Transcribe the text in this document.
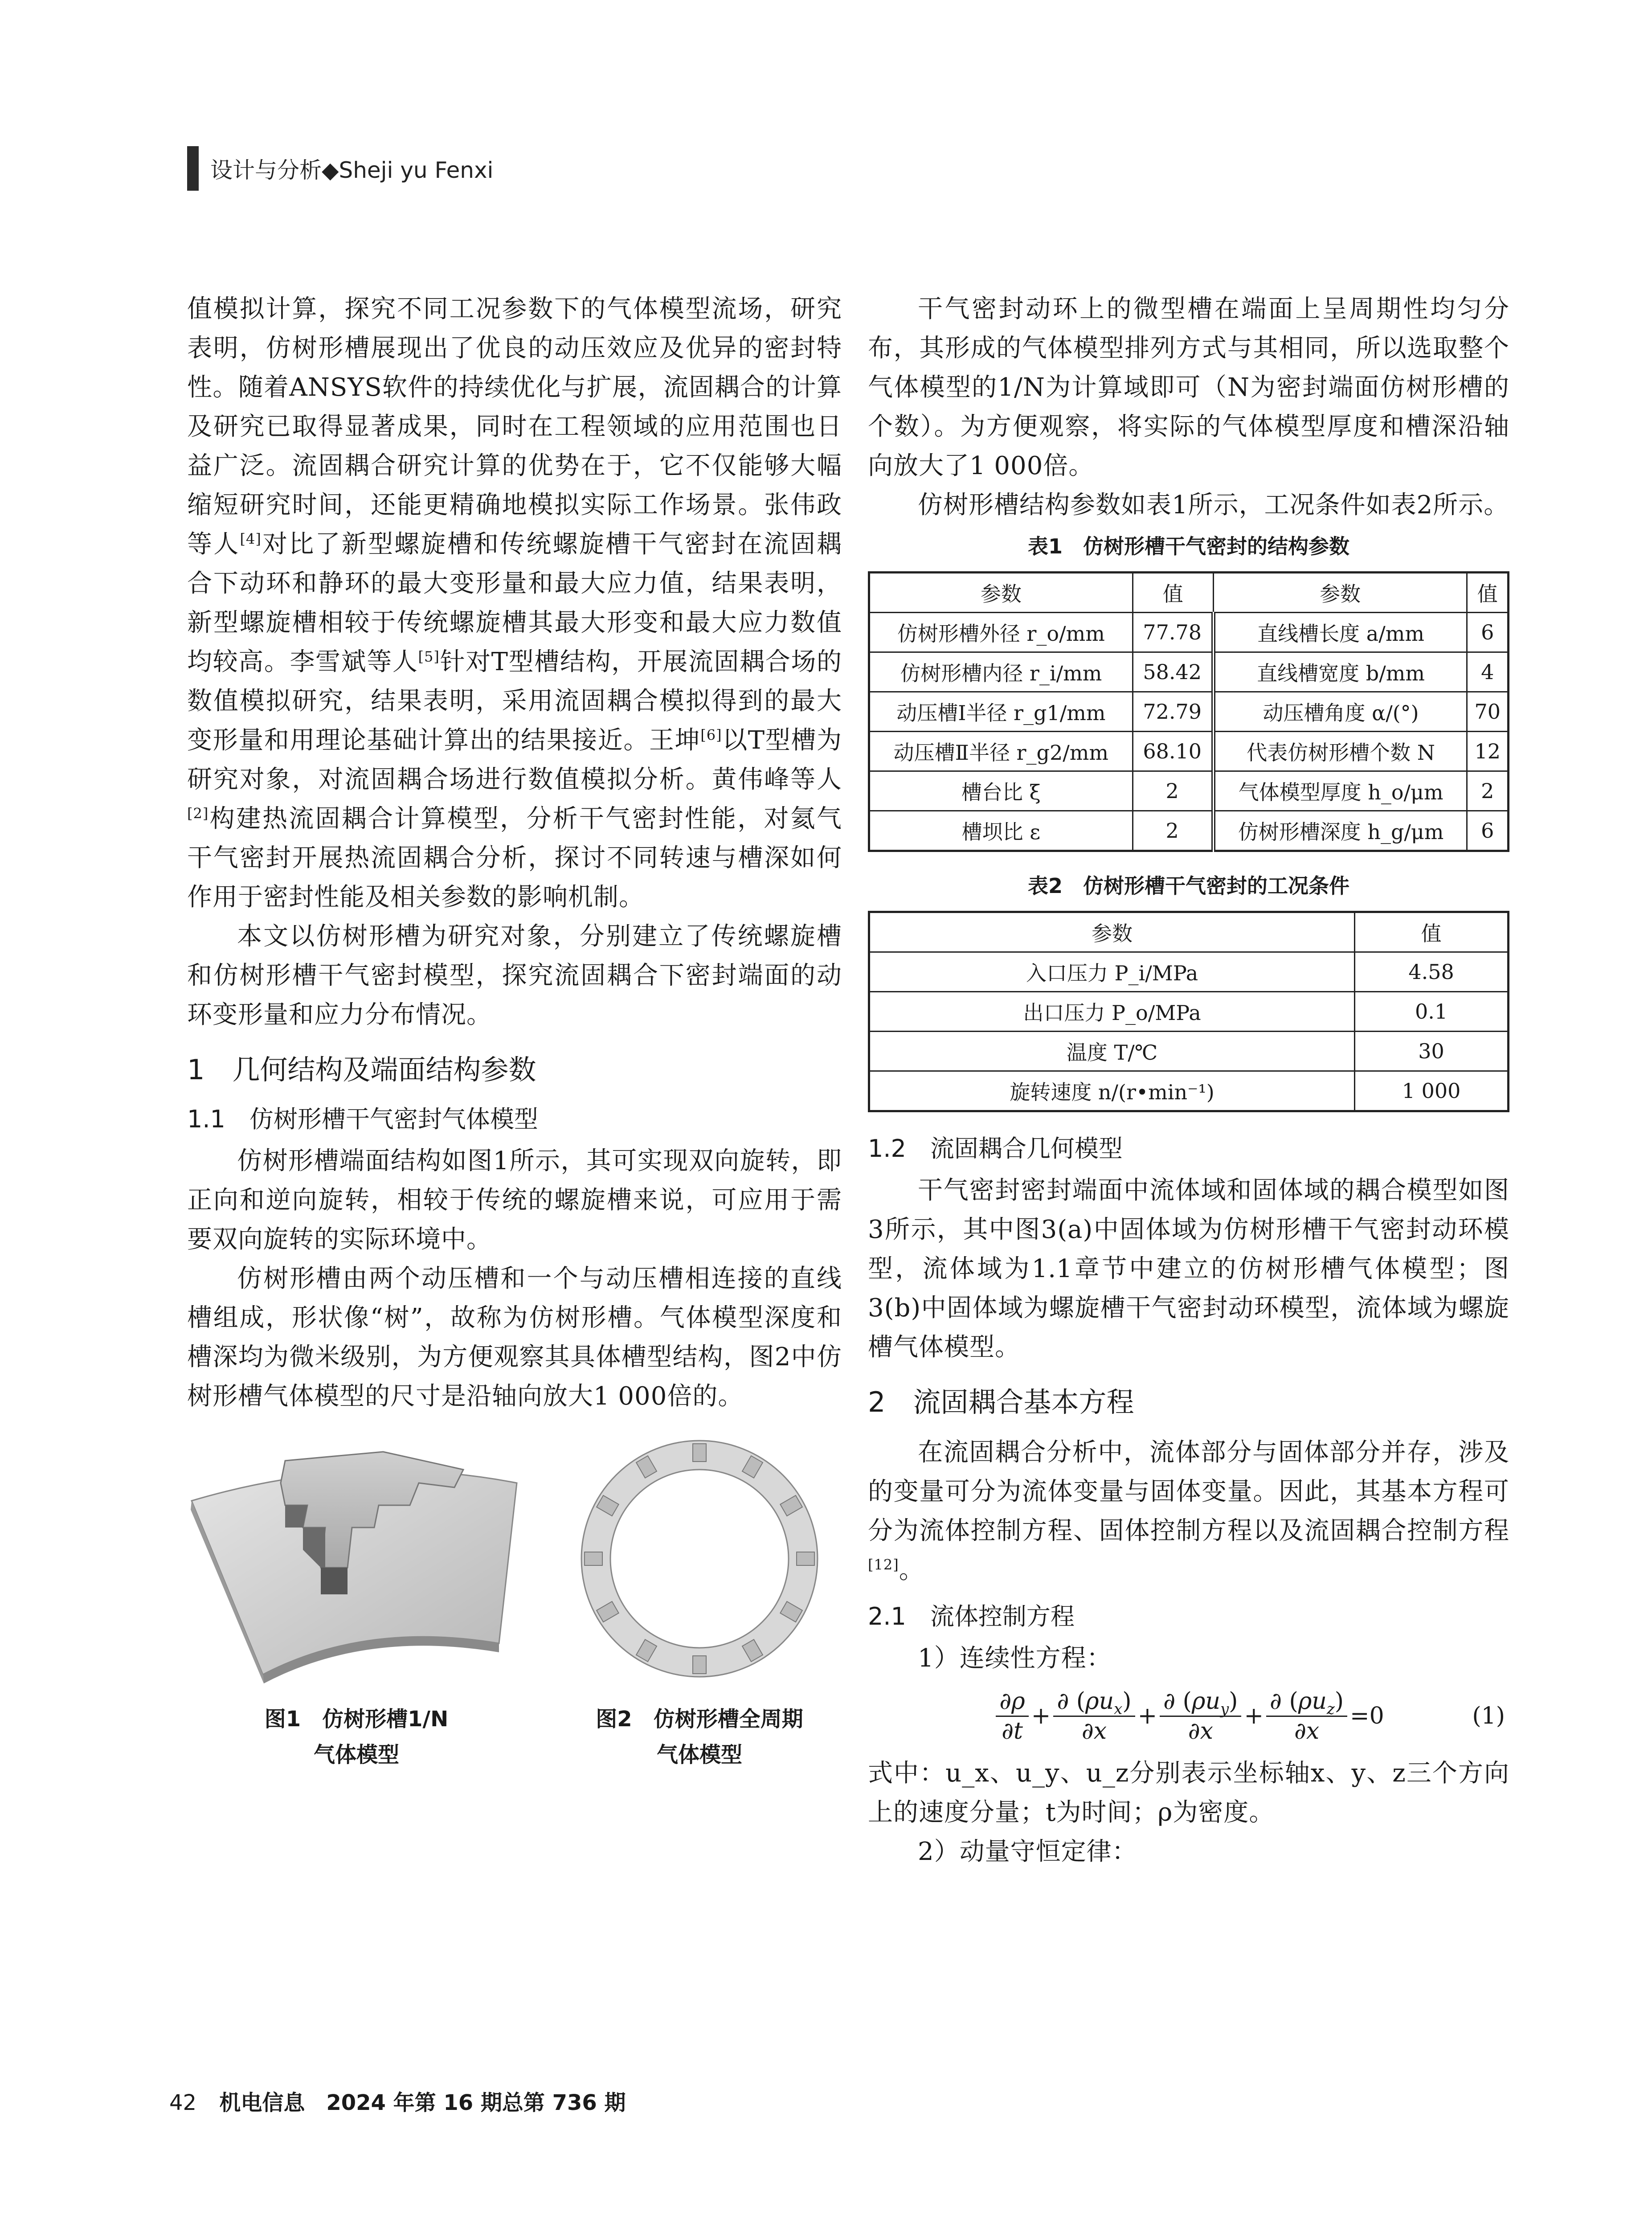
设计与分析◆Sheji yu Fenxi

值模拟计算，探究不同工况参数下的气体模型流场，研究表明，仿树形槽展现出了优良的动压效应及优异的密封特性。随着ANSYS软件的持续优化与扩展，流固耦合的计算及研究已取得显著成果，同时在工程领域的应用范围也日益广泛。流固耦合研究计算的优势在于，它不仅能够大幅缩短研究时间，还能更精确地模拟实际工作场景。张伟政等人[4]对比了新型螺旋槽和传统螺旋槽干气密封在流固耦合下动环和静环的最大变形量和最大应力值，结果表明，新型螺旋槽相较于传统螺旋槽其最大形变和最大应力数值均较高。李雪斌等人[5]针对T型槽结构，开展流固耦合场的数值模拟研究，结果表明，采用流固耦合模拟得到的最大变形量和用理论基础计算出的结果接近。王坤[6]以T型槽为研究对象，对流固耦合场进行数值模拟分析。黄伟峰等人[2]构建热流固耦合计算模型，分析干气密封性能，对氦气干气密封开展热流固耦合分析，探讨不同转速与槽深如何作用于密封性能及相关参数的影响机制。

本文以仿树形槽为研究对象，分别建立了传统螺旋槽和仿树形槽干气密封模型，探究流固耦合下密封端面的动环变形量和应力分布情况。

1　几何结构及端面结构参数
1.1　仿树形槽干气密封气体模型

仿树形槽端面结构如图1所示，其可实现双向旋转，即正向和逆向旋转，相较于传统的螺旋槽来说，可应用于需要双向旋转的实际环境中。

仿树形槽由两个动压槽和一个与动压槽相连接的直线槽组成，形状像“树”，故称为仿树形槽。气体模型深度和槽深均为微米级别，为方便观察其具体槽型结构，图2中仿树形槽气体模型的尺寸是沿轴向放大1 000倍的。

图1　仿树形槽1/N
气体模型
图2　仿树形槽全周期
气体模型

干气密封动环上的微型槽在端面上呈周期性均匀分布，其形成的气体模型排列方式与其相同，所以选取整个气体模型的1/N为计算域即可（N为密封端面仿树形槽的个数）。为方便观察，将实际的气体模型厚度和槽深沿轴向放大了1 000倍。

仿树形槽结构参数如表1所示，工况条件如表2所示。

表1　仿树形槽干气密封的结构参数
参数	值	参数	值
仿树形槽外径 r_o/mm	77.78	直线槽长度 a/mm	6
仿树形槽内径 r_i/mm	58.42	直线槽宽度 b/mm	4
动压槽Ⅰ半径 r_g1/mm	72.79	动压槽角度 α/(°)	70
动压槽Ⅱ半径 r_g2/mm	68.10	代表仿树形槽个数 N	12
槽台比 ξ	2	气体模型厚度 h_o/μm	2
槽坝比 ε	2	仿树形槽深度 h_g/μm	6
表2　仿树形槽干气密封的工况条件
参数	值
入口压力 P_i/MPa	4.58
出口压力 P_o/MPa	0.1
温度 T/℃	30
旋转速度 n/(r•min⁻¹)	1 000
1.2　流固耦合几何模型

干气密封密封端面中流体域和固体域的耦合模型如图3所示，其中图3(a)中固体域为仿树形槽干气密封动环模型，流体域为1.1章节中建立的仿树形槽气体模型；图3(b)中固体域为螺旋槽干气密封动环模型，流体域为螺旋槽气体模型。

2　流固耦合基本方程

在流固耦合分析中，流体部分与固体部分并存，涉及的变量可分为流体变量与固体变量。因此，其基本方程可分为流体控制方程、固体控制方程以及流固耦合控制方程[12]。

2.1　流体控制方程

1）连续性方程：

$\frac{\partial\rho}{\partial t} + \frac{\partial (\rho u_x)}{\partial x} + \frac{\partial (\rho u_y)}{\partial x} + \frac{\partial (\rho u_z)}{\partial x} =0$	(1)

式中：u_x、u_y、u_z分别表示坐标轴x、y、z三个方向上的速度分量；t为时间；ρ为密度。

2）动量守恒定律：

42 机电信息　2024 年第 16 期总第 736 期
